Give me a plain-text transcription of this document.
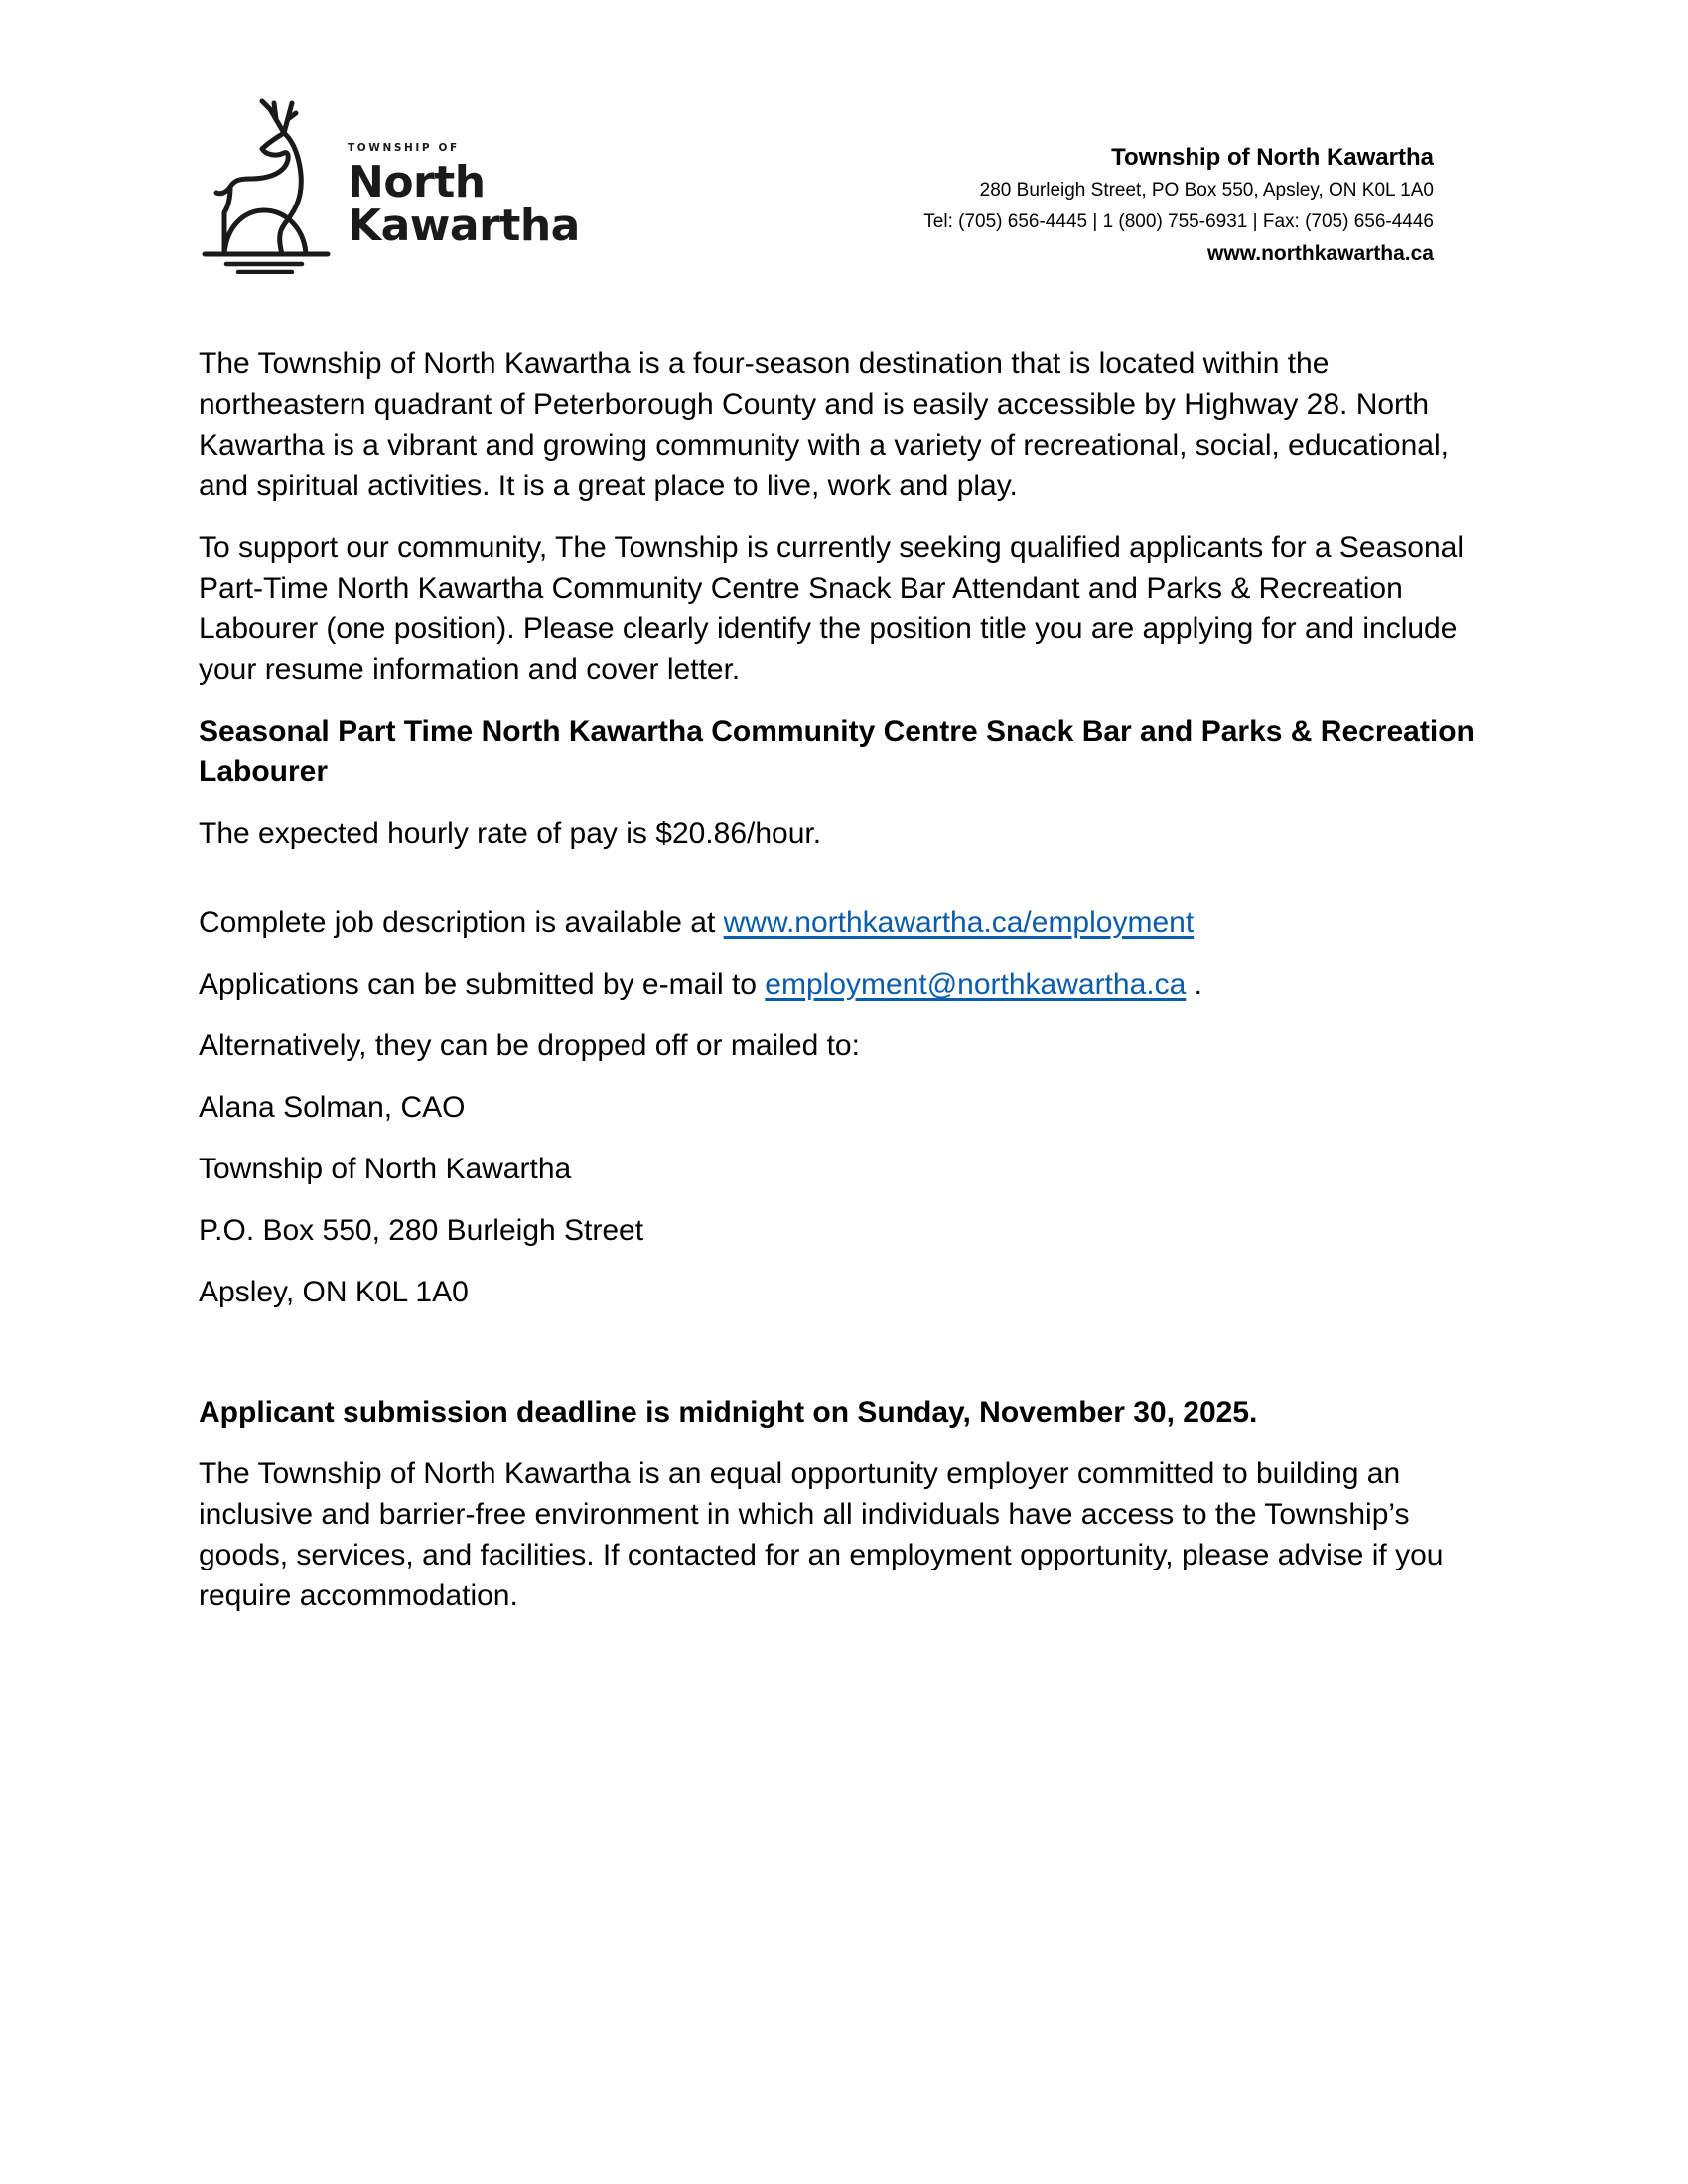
TOWNSHIP OF
North
Kawartha
Township of North Kawartha
280 Burleigh Street, PO Box 550, Apsley, ON K0L 1A0
Tel: (705) 656-4445 | 1 (800) 755-6931 | Fax: (705) 656-4446
www.northkawartha.ca

The Township of North Kawartha is a four-season destination that is located within the northeastern quadrant of Peterborough County and is easily accessible by Highway 28. North Kawartha is a vibrant and growing community with a variety of recreational, social, educational, and spiritual activities. It is a great place to live, work and play.

To support our community, The Township is currently seeking qualified applicants for a Seasonal Part-Time North Kawartha Community Centre Snack Bar Attendant and Parks & Recreation Labourer (one position). Please clearly identify the position title you are applying for and include your resume information and cover letter.

Seasonal Part Time North Kawartha Community Centre Snack Bar and Parks & Recreation Labourer

The expected hourly rate of pay is $20.86/hour.

Complete job description is available at www.northkawartha.ca/employment

Applications can be submitted by e-mail to employment@northkawartha.ca .

Alternatively, they can be dropped off or mailed to:

Alana Solman, CAO

Township of North Kawartha

P.O. Box 550, 280 Burleigh Street

Apsley, ON K0L 1A0

Applicant submission deadline is midnight on Sunday, November 30, 2025.

The Township of North Kawartha is an equal opportunity employer committed to building an inclusive and barrier-free environment in which all individuals have access to the Township’s goods, services, and facilities. If contacted for an employment opportunity, please advise if you require accommodation.
